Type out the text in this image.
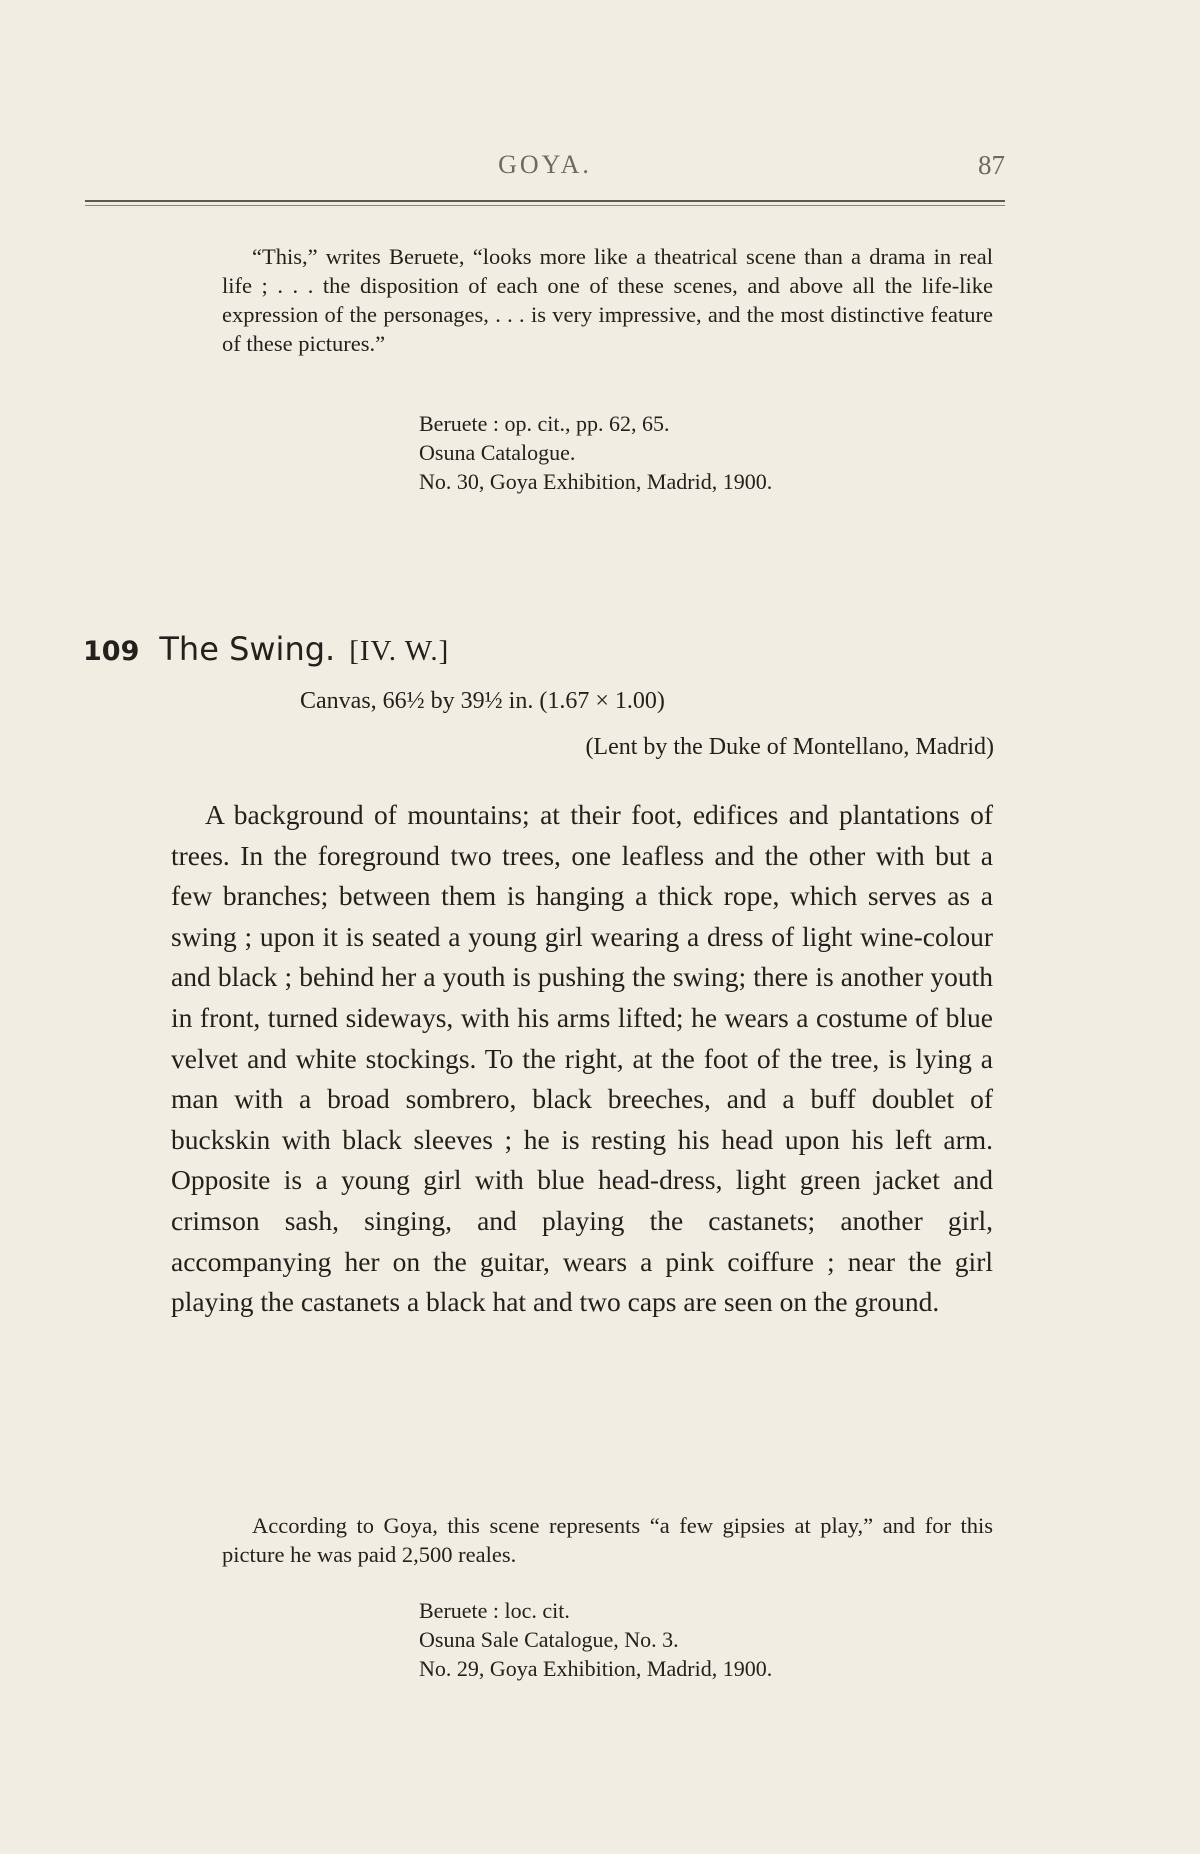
GOYA.	87

“This,” writes Beruete, “looks more like a theatrical scene than a drama in real life ; . . . the disposition of each one of these scenes, and above all the life-like expression of the personages, . . . is very impressive, and the most distinctive feature of these pictures.”

Beruete : op. cit., pp. 62, 65.
Osuna Catalogue.
No. 30, Goya Exhibition, Madrid, 1900.
109 The Swing. [IV. W.]
Canvas, 66½ by 39½ in. (1.67 × 1.00)
(Lent by the Duke of Montellano, Madrid)

A background of mountains; at their foot, edifices and plantations of trees. In the foreground two trees, one leafless and the other with but a few branches; between them is hanging a thick rope, which serves as a swing ; upon it is seated a young girl wearing a dress of light wine-colour and black ; behind her a youth is pushing the swing; there is another youth in front, turned sideways, with his arms lifted; he wears a costume of blue velvet and white stockings. To the right, at the foot of the tree, is lying a man with a broad sombrero, black breeches, and a buff doublet of buckskin with black sleeves ; he is resting his head upon his left arm. Opposite is a young girl with blue head-dress, light green jacket and crimson sash, singing, and playing the castanets; another girl, accompanying her on the guitar, wears a pink coiffure ; near the girl playing the castanets a black hat and two caps are seen on the ground.

According to Goya, this scene represents “a few gipsies at play,” and for this picture he was paid 2,500 reales.

Beruete : loc. cit.
Osuna Sale Catalogue, No. 3.
No. 29, Goya Exhibition, Madrid, 1900.
